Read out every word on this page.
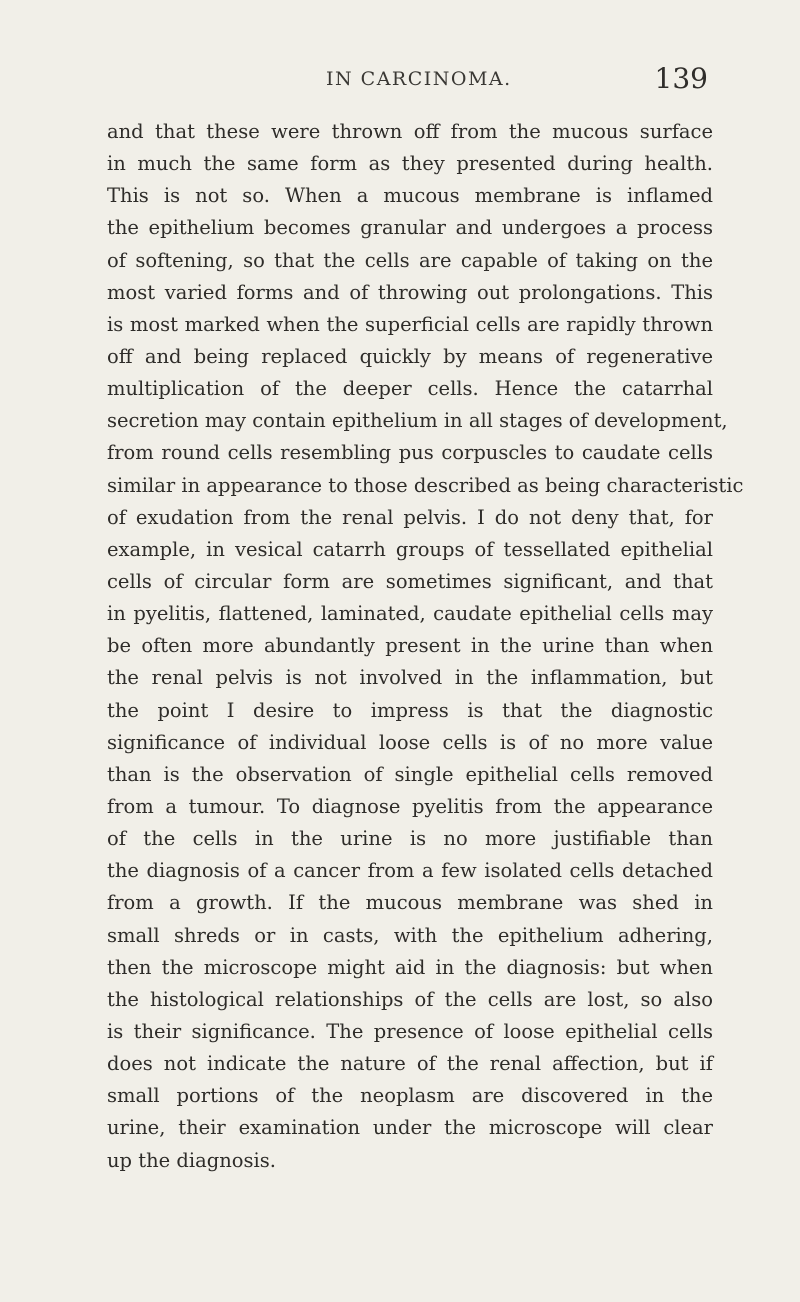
IN CARCINOMA.	139
and that these were thrown off from the mucous surface
in much the same form as they presented during health.
This is not so. When a mucous membrane is inflamed
the epithelium becomes granular and undergoes a process
of softening, so that the cells are capable of taking on the
most varied forms and of throwing out prolongations. This
is most marked when the superficial cells are rapidly thrown
off and being replaced quickly by means of regenerative
multiplication of the deeper cells. Hence the catarrhal
secretion may contain epithelium in all stages of development,
from round cells resembling pus corpuscles to caudate cells
similar in appearance to those described as being characteristic
of exudation from the renal pelvis. I do not deny that, for
example, in vesical catarrh groups of tessellated epithelial
cells of circular form are sometimes significant, and that
in pyelitis, flattened, laminated, caudate epithelial cells may
be often more abundantly present in the urine than when
the renal pelvis is not involved in the inflammation, but
the point I desire to impress is that the diagnostic
significance of individual loose cells is of no more value
than is the observation of single epithelial cells removed
from a tumour. To diagnose pyelitis from the appearance
of the cells in the urine is no more justifiable than
the diagnosis of a cancer from a few isolated cells detached
from a growth. If the mucous membrane was shed in
small shreds or in casts, with the epithelium adhering,
then the microscope might aid in the diagnosis: but when
the histological relationships of the cells are lost, so also
is their significance. The presence of loose epithelial cells
does not indicate the nature of the renal affection, but if
small portions of the neoplasm are discovered in the
urine, their examination under the microscope will clear
up the diagnosis.
